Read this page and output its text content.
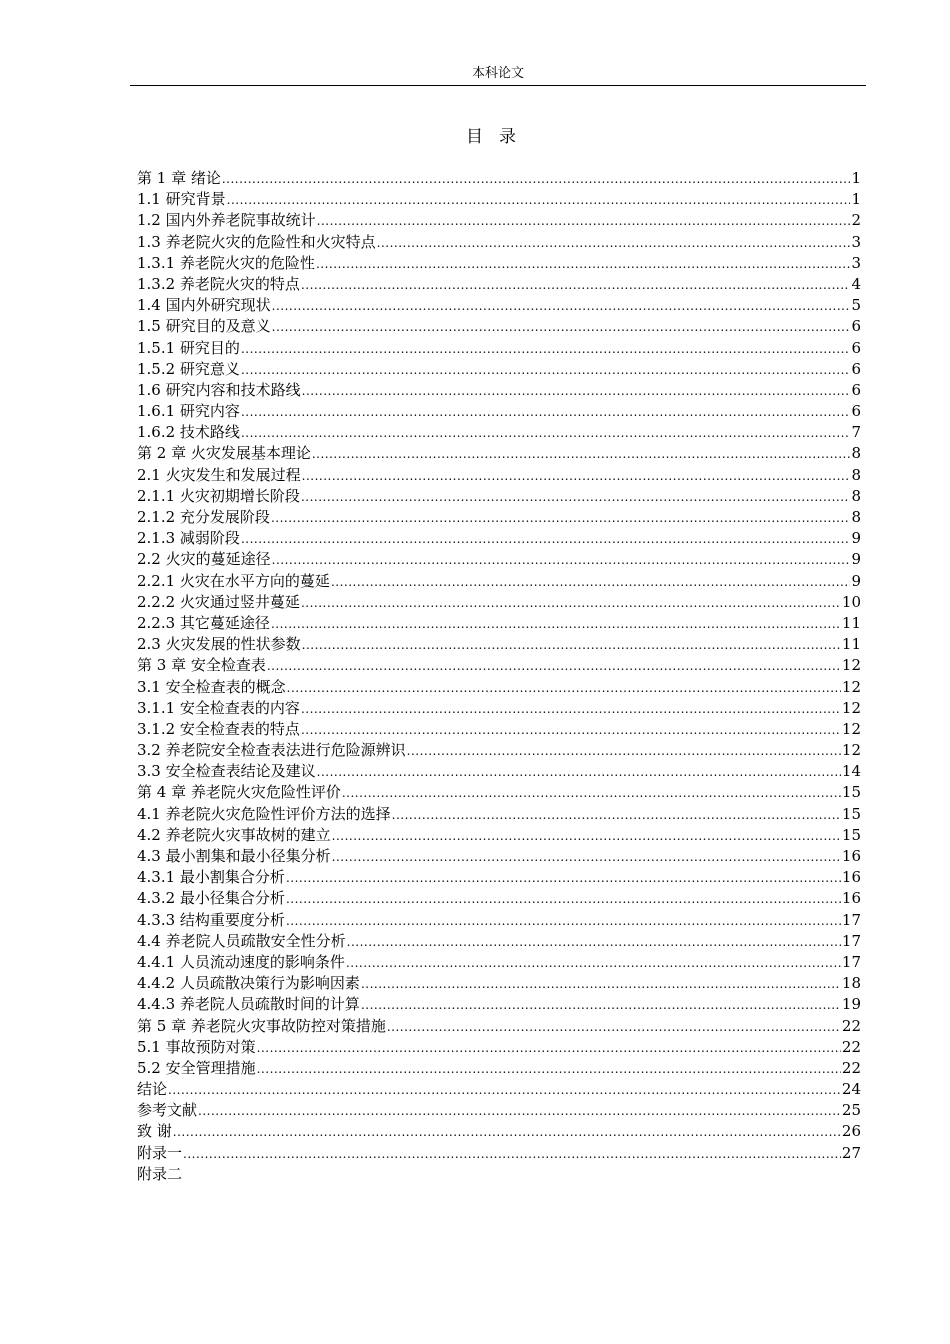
本科论文
目录
第 1 章 绪论 .....	1
1.1 研究背景 .....	1
1.2 国内外养老院事故统计 .....	2
1.3 养老院火灾的危险性和火灾特点 .....	3
1.3.1 养老院火灾的危险性 .....	3
1.3.2 养老院火灾的特点 .....	4
1.4 国内外研究现状 .....	5
1.5 研究目的及意义 .....	6
1.5.1 研究目的 .....	6
1.5.2 研究意义 .....	6
1.6 研究内容和技术路线 .....	6
1.6.1 研究内容 .....	6
1.6.2 技术路线 .....	7
第 2 章 火灾发展基本理论 .....	8
2.1 火灾发生和发展过程 .....	8
2.1.1 火灾初期增长阶段 .....	8
2.1.2 充分发展阶段 .....	8
2.1.3 减弱阶段 .....	9
2.2 火灾的蔓延途径 .....	9
2.2.1 火灾在水平方向的蔓延 .....	9
2.2.2 火灾通过竖井蔓延 .....	10
2.2.3 其它蔓延途径 .....	11
2.3 火灾发展的性状参数 .....	11
第 3 章 安全检查表 .....	12
3.1 安全检查表的概念 .....	12
3.1.1 安全检查表的内容 .....	12
3.1.2 安全检查表的特点 .....	12
3.2 养老院安全检查表法进行危险源辨识 .....	12
3.3 安全检查表结论及建议 .....	14
第 4 章 养老院火灾危险性评价 .....	15
4.1 养老院火灾危险性评价方法的选择 .....	15
4.2 养老院火灾事故树的建立 .....	15
4.3 最小割集和最小径集分析 .....	16
4.3.1 最小割集合分析 .....	16
4.3.2 最小径集合分析 .....	16
4.3.3 结构重要度分析 .....	17
4.4 养老院人员疏散安全性分析 .....	17
4.4.1 人员流动速度的影响条件 .....	17
4.4.2 人员疏散决策行为影响因素 .....	18
4.4.3 养老院人员疏散时间的计算 .....	19
第 5 章 养老院火灾事故防控对策措施 .....	22
5.1 事故预防对策 .....	22
5.2 安全管理措施 .....	22
结论 .....	24
参考文献 .....	25
致 谢 .....	26
附录一 .....	27
附录二
